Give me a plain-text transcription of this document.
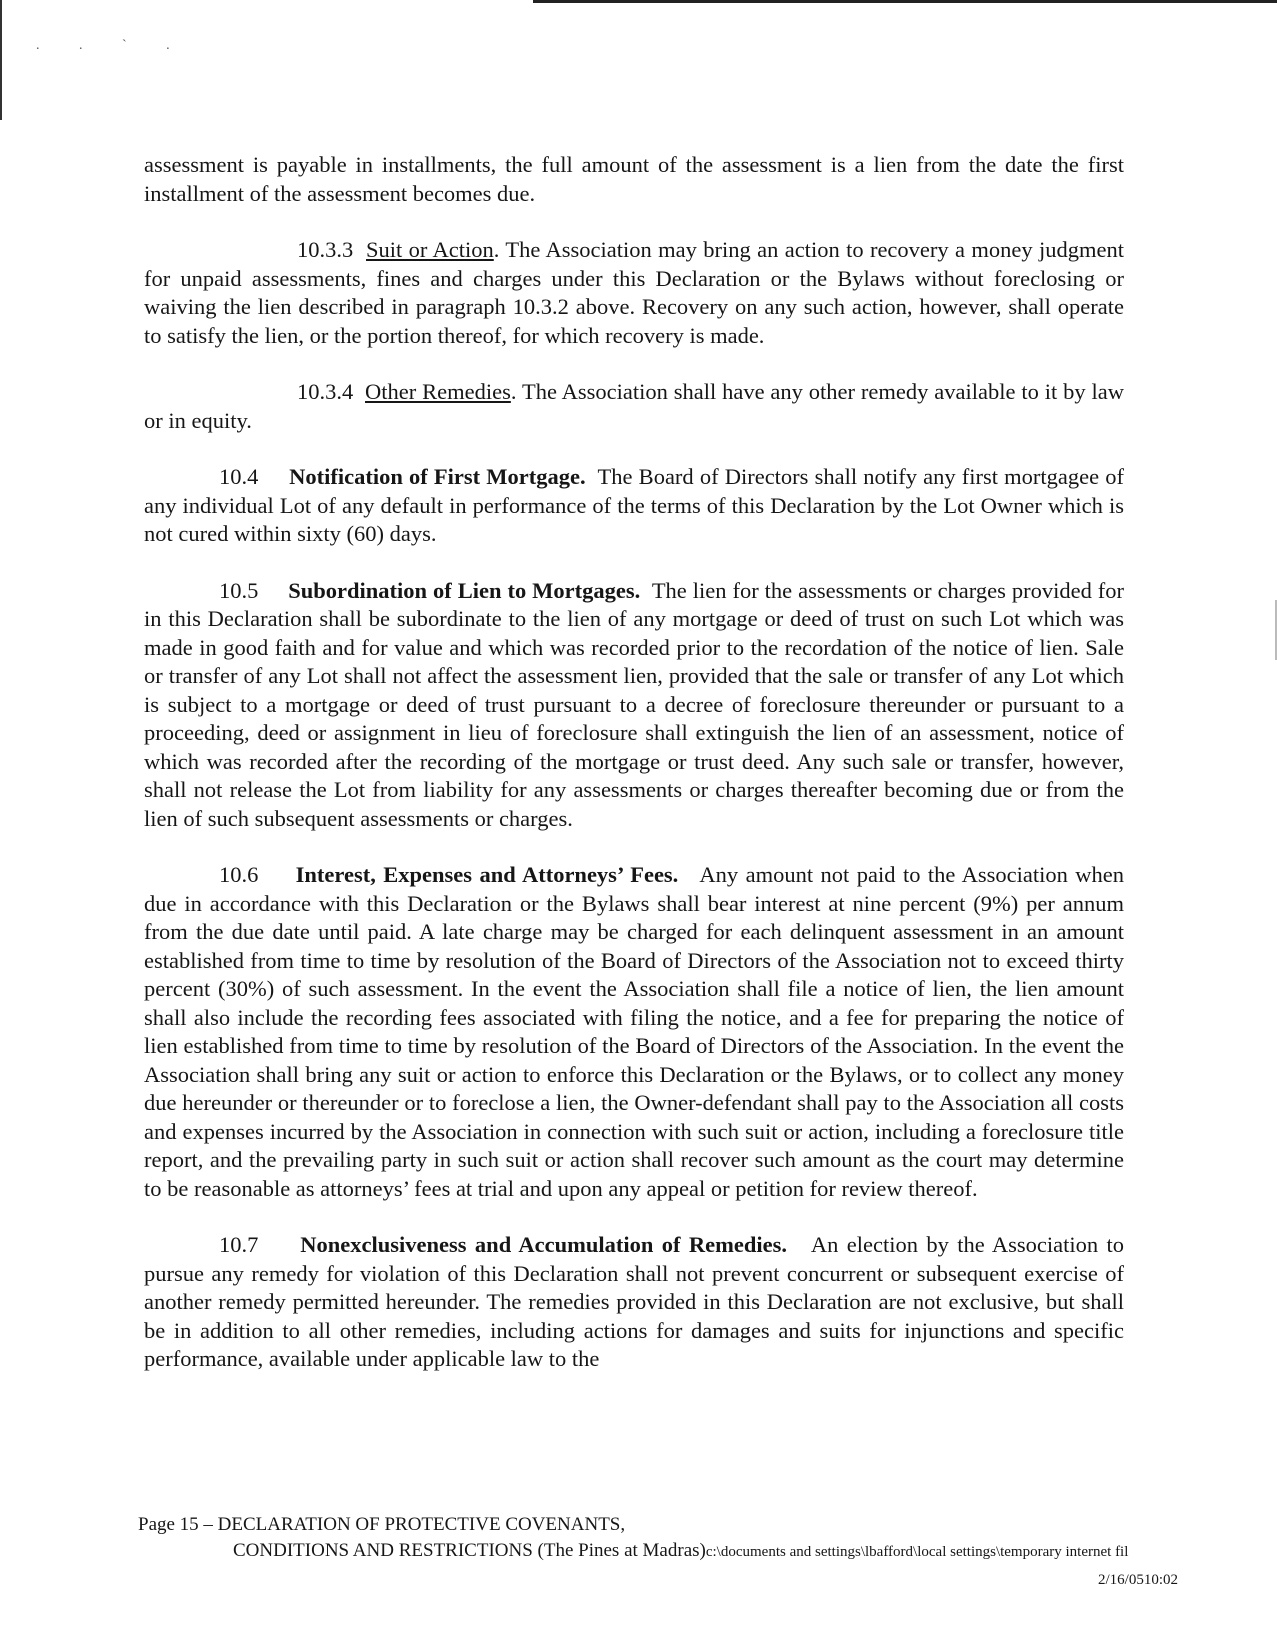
. . ` .

assessment is payable in installments, the full amount of the assessment is a lien from the date the first installment of the assessment becomes due.

10.3.3 Suit or Action. The Association may bring an action to recovery a money judgment for unpaid assessments, fines and charges under this Declaration or the Bylaws without foreclosing or waiving the lien described in paragraph 10.3.2 above. Recovery on any such action, however, shall operate to satisfy the lien, or the portion thereof, for which recovery is made.

10.3.4 Other Remedies. The Association shall have any other remedy available to it by law or in equity.

10.4 Notification of First Mortgage. The Board of Directors shall notify any first mortgagee of any individual Lot of any default in performance of the terms of this Declaration by the Lot Owner which is not cured within sixty (60) days.

10.5 Subordination of Lien to Mortgages. The lien for the assessments or charges provided for in this Declaration shall be subordinate to the lien of any mortgage or deed of trust on such Lot which was made in good faith and for value and which was recorded prior to the recordation of the notice of lien. Sale or transfer of any Lot shall not affect the assessment lien, provided that the sale or transfer of any Lot which is subject to a mortgage or deed of trust pursuant to a decree of foreclosure thereunder or pursuant to a proceeding, deed or assignment in lieu of foreclosure shall extinguish the lien of an assessment, notice of which was recorded after the recording of the mortgage or trust deed. Any such sale or transfer, however, shall not release the Lot from liability for any assessments or charges thereafter becoming due or from the lien of such subsequent assessments or charges.

10.6 Interest, Expenses and Attorneys’ Fees. Any amount not paid to the Association when due in accordance with this Declaration or the Bylaws shall bear interest at nine percent (9%) per annum from the due date until paid. A late charge may be charged for each delinquent assessment in an amount established from time to time by resolution of the Board of Directors of the Association not to exceed thirty percent (30%) of such assessment. In the event the Association shall file a notice of lien, the lien amount shall also include the recording fees associated with filing the notice, and a fee for preparing the notice of lien established from time to time by resolution of the Board of Directors of the Association. In the event the Association shall bring any suit or action to enforce this Declaration or the Bylaws, or to collect any money due hereunder or thereunder or to foreclose a lien, the Owner-defendant shall pay to the Association all costs and expenses incurred by the Association in connection with such suit or action, including a foreclosure title report, and the prevailing party in such suit or action shall recover such amount as the court may determine to be reasonable as attorneys’ fees at trial and upon any appeal or petition for review thereof.

10.7 Nonexclusiveness and Accumulation of Remedies. An election by the Association to pursue any remedy for violation of this Declaration shall not prevent concurrent or subsequent exercise of another remedy permitted hereunder. The remedies provided in this Declaration are not exclusive, but shall be in addition to all other remedies, including actions for damages and suits for injunctions and specific performance, available under applicable law to the

Page 15 – DECLARATION OF PROTECTIVE COVENANTS,
CONDITIONS AND RESTRICTIONS (The Pines at Madras)c:\documents and settings\lbafford\local settings\temporary internet fil
2/16/0510:02
